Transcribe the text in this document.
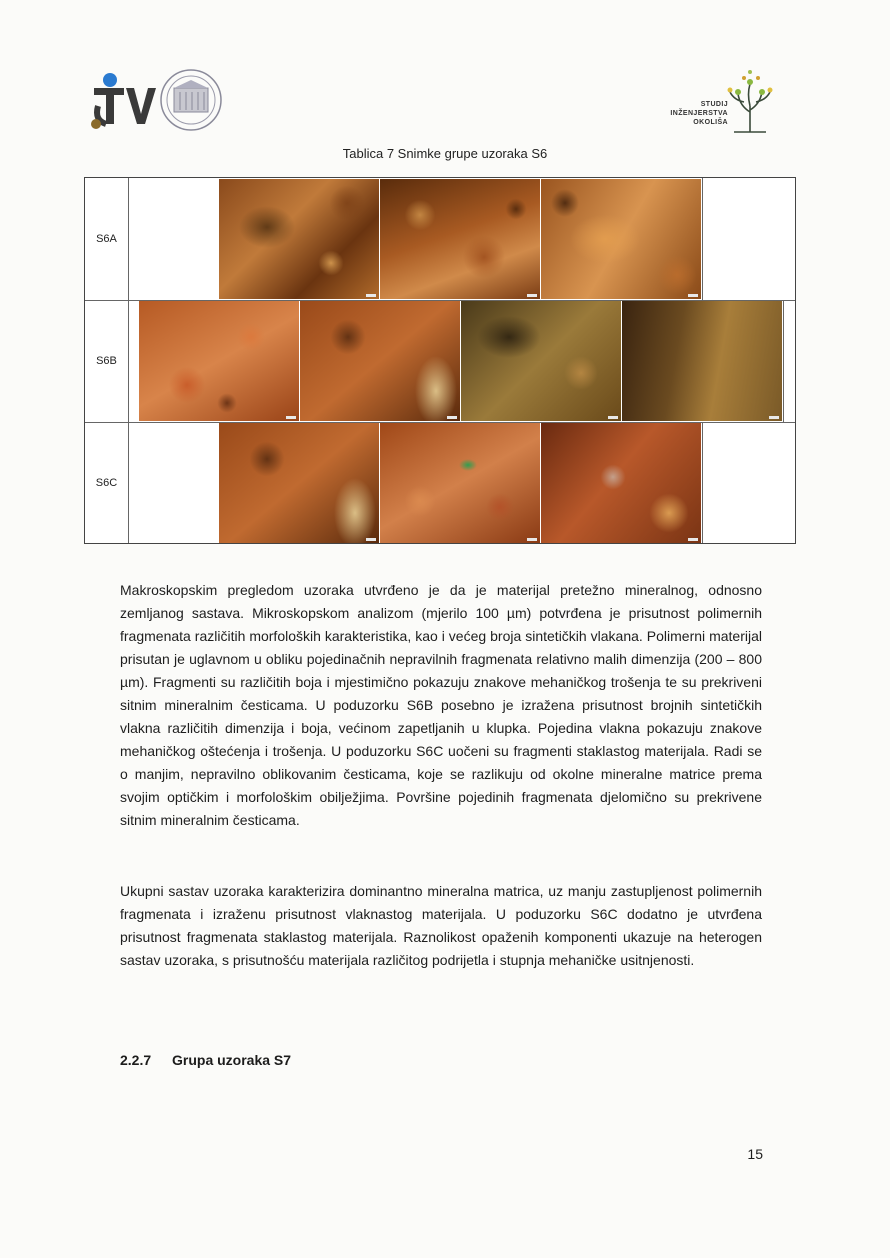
STUDIJ
INŽENJERSTVA
OKOLIŠA
Tablica 7 Snimke grupe uzoraka S6
S6A
S6B
S6C
Makroskopskim pregledom uzoraka utvrđeno je da je materijal pretežno mineralnog, odnosno zemljanog sastava. Mikroskopskom analizom (mjerilo 100 µm) potvrđena je prisutnost polimernih fragmenata različitih morfoloških karakteristika, kao i većeg broja sintetičkih vlakana. Polimerni materijal prisutan je uglavnom u obliku pojedinačnih nepravilnih fragmenata relativno malih dimenzija (200 – 800 µm). Fragmenti su različitih boja i mjestimično pokazuju znakove mehaničkog trošenja te su prekriveni sitnim mineralnim česticama. U poduzorku S6B posebno je izražena prisutnost brojnih sintetičkih vlakna različitih dimenzija i boja, većinom zapetljanih u klupka. Pojedina vlakna pokazuju znakove mehaničkog oštećenja i trošenja. U poduzorku S6C uočeni su fragmenti staklastog materijala. Radi se o manjim, nepravilno oblikovanim česticama, koje se razlikuju od okolne mineralne matrice prema svojim optičkim i morfološkim obilježjima. Površine pojedinih fragmenata djelomično su prekrivene sitnim mineralnim česticama.
Ukupni sastav uzoraka karakterizira dominantno mineralna matrica, uz manju zastupljenost polimernih fragmenata i izraženu prisutnost vlaknastog materijala. U poduzorku S6C dodatno je utvrđena prisutnost fragmenata staklastog materijala. Raznolikost opaženih komponenti ukazuje na heterogen sastav uzoraka, s prisutnošću materijala različitog podrijetla i stupnja mehaničke usitnjenosti.
2.2.7 Grupa uzoraka S7
15
